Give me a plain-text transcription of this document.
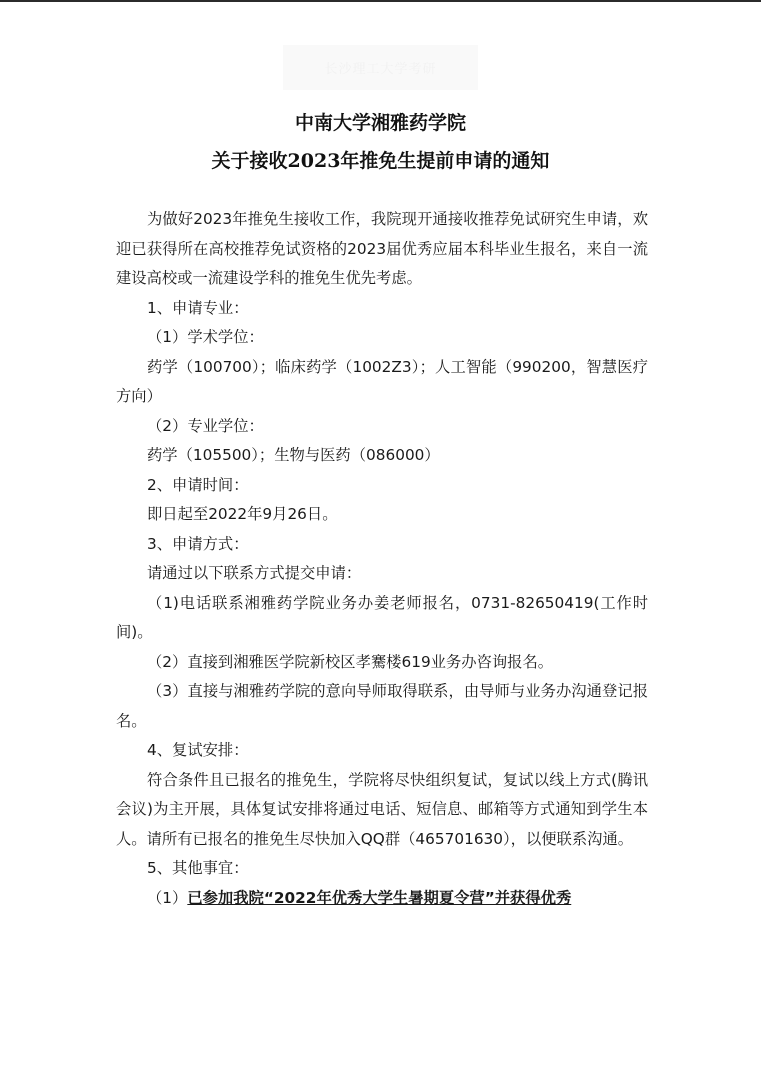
长沙理工大学考研
中南大学湘雅药学院
关于接收2023年推免生提前申请的通知

为做好2023年推免生接收工作，我院现开通接收推荐免试研究生申请，欢迎已获得所在高校推荐免试资格的2023届优秀应届本科毕业生报名，来自一流建设高校或一流建设学科的推免生优先考虑。

1、申请专业：

（1）学术学位：

药学（100700）；临床药学（1002Z3）；人工智能（990200，智慧医疗方向）

（2）专业学位：

药学（105500）；生物与医药（086000）

2、申请时间：

即日起至2022年9月26日。

3、申请方式：

请通过以下联系方式提交申请：

（1)电话联系湘雅药学院业务办姜老师报名，0731-82650419(工作时间)。

（2）直接到湘雅医学院新校区孝騫楼619业务办咨询报名。

（3）直接与湘雅药学院的意向导师取得联系，由导师与业务办沟通登记报名。

4、复试安排：

符合条件且已报名的推免生，学院将尽快组织复试，复试以线上方式(腾讯会议)为主开展，具体复试安排将通过电话、短信息、邮箱等方式通知到学生本人。请所有已报名的推免生尽快加入QQ群（465701630），以便联系沟通。

5、其他事宜：

（1）已参加我院“2022年优秀大学生暑期夏令营”并获得优秀
